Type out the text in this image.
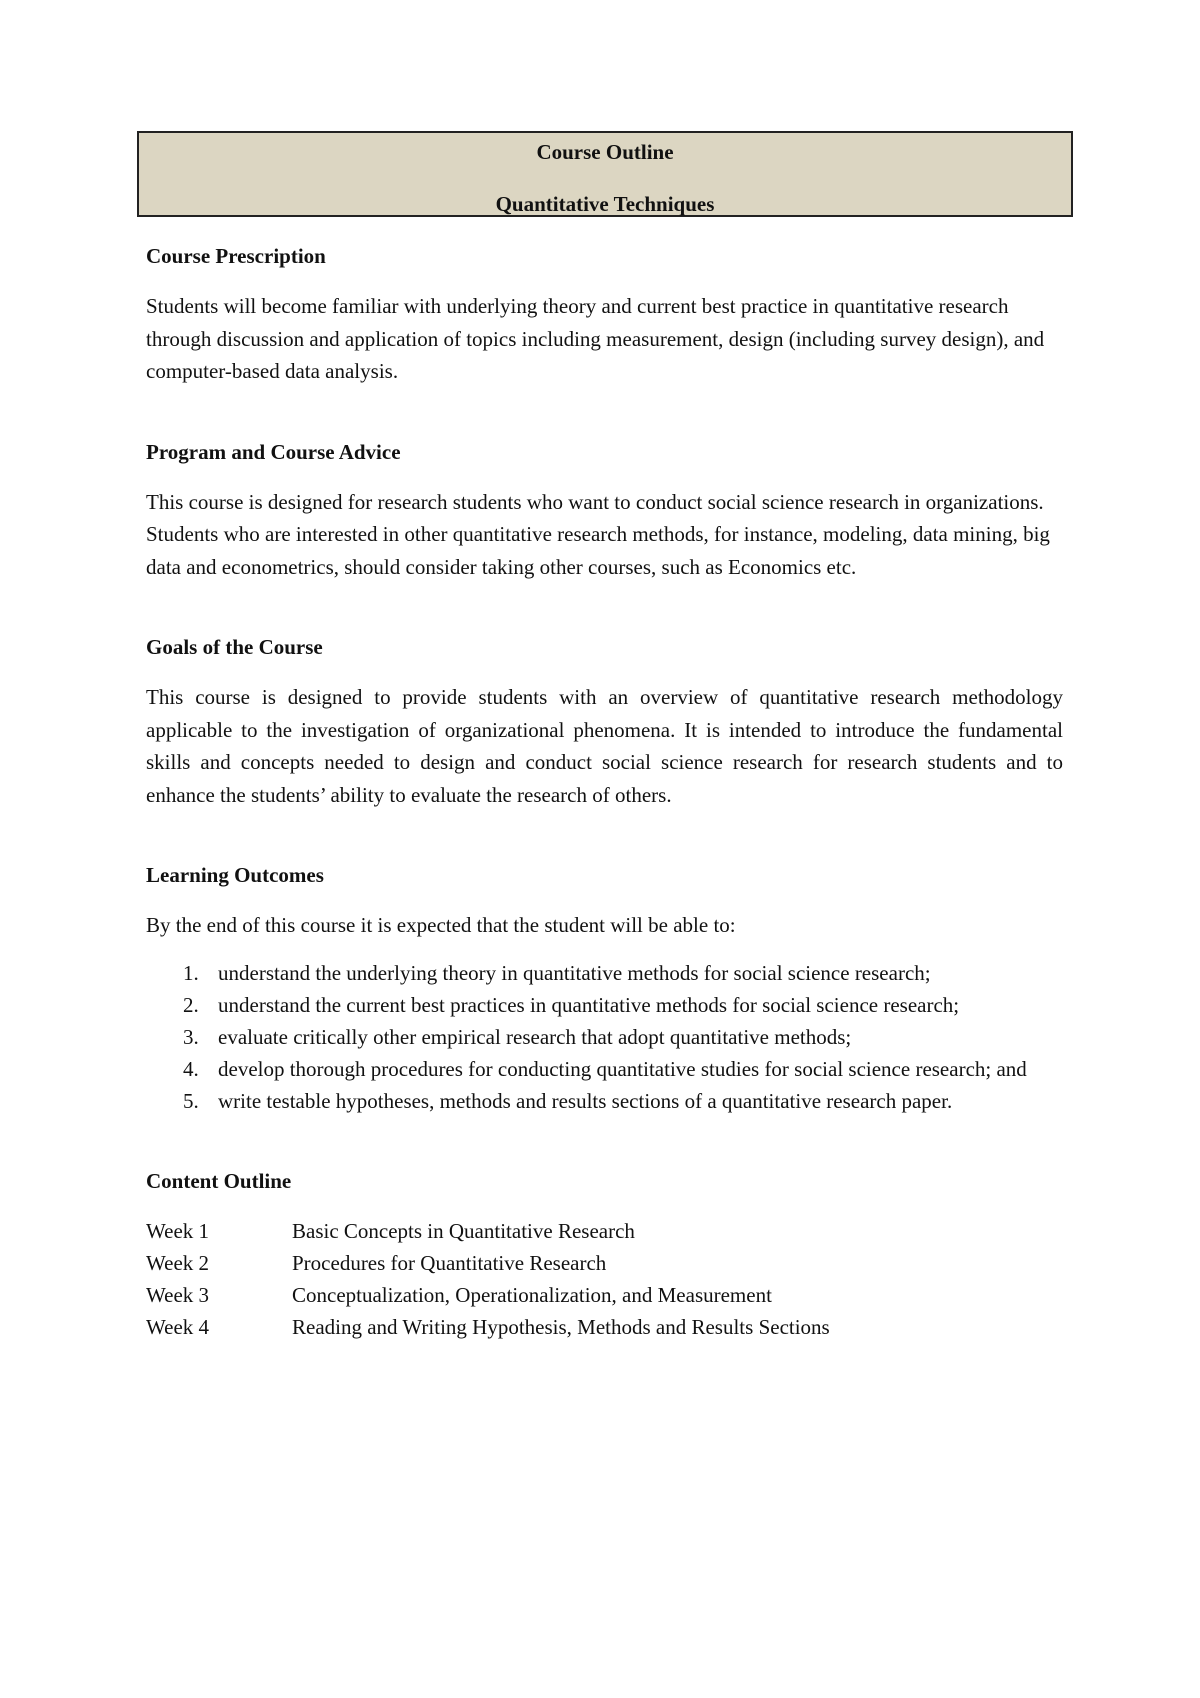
Course Outline
Quantitative Techniques
Course Prescription

Students will become familiar with underlying theory and current best practice in quantitative research through discussion and application of topics including measurement, design (including survey design), and computer-based data analysis.

Program and Course Advice

This course is designed for research students who want to conduct social science research in organizations. Students who are interested in other quantitative research methods, for instance, modeling, data mining, big data and econometrics, should consider taking other courses, such as Economics etc.

Goals of the Course

This course is designed to provide students with an overview of quantitative research methodology applicable to the investigation of organizational phenomena. It is intended to introduce the fundamental skills and concepts needed to design and conduct social science research for research students and to enhance the students’ ability to evaluate the research of others.

Learning Outcomes

By the end of this course it is expected that the student will be able to:

1. understand the underlying theory in quantitative methods for social science research;
2. understand the current best practices in quantitative methods for social science research;
3. evaluate critically other empirical research that adopt quantitative methods;
4. develop thorough procedures for conducting quantitative studies for social science research; and
5. write testable hypotheses, methods and results sections of a quantitative research paper.
Content Outline
Week 1	Basic Concepts in Quantitative Research
Week 2	Procedures for Quantitative Research
Week 3	Conceptualization, Operationalization, and Measurement
Week 4	Reading and Writing Hypothesis, Methods and Results Sections
